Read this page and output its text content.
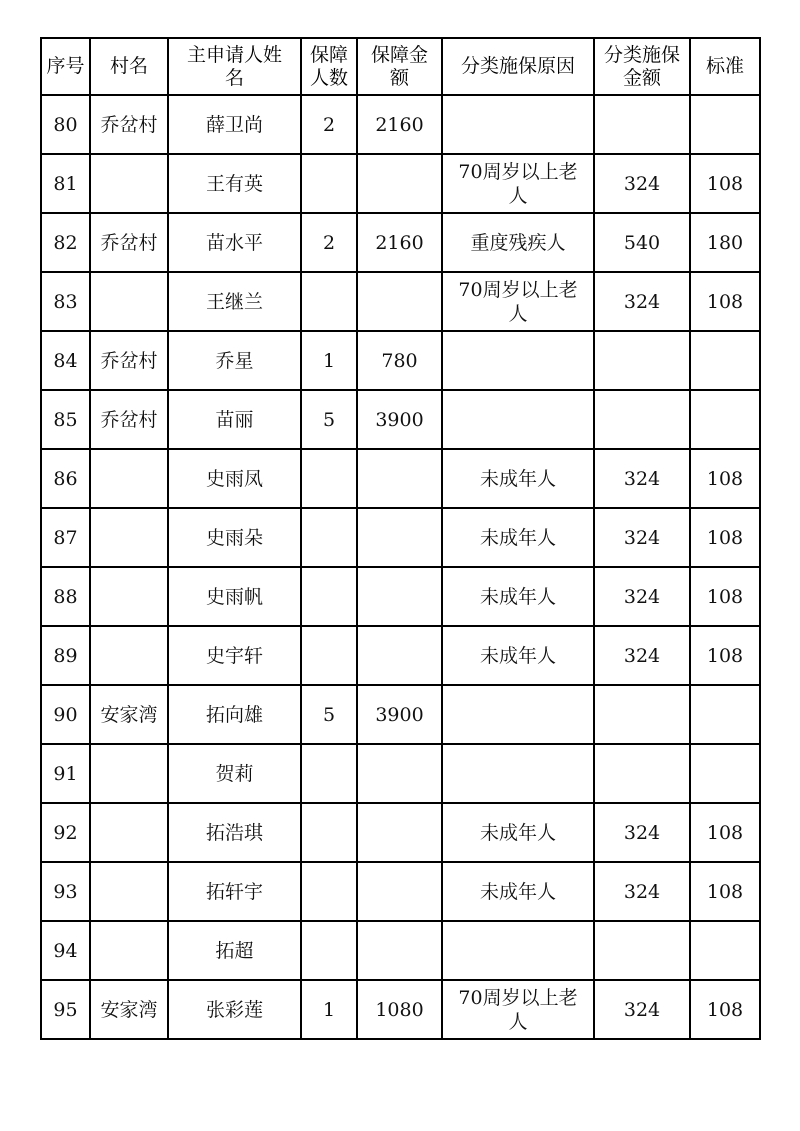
序号	村名	主申请人姓名	保障人数	保障金额	分类施保原因	分类施保金额	标准
80	乔岔村	薛卫尚	2	2160			
81		王有英			70周岁以上老人	324	108
82	乔岔村	苗水平	2	2160	重度残疾人	540	180
83		王继兰			70周岁以上老人	324	108
84	乔岔村	乔星	1	780			
85	乔岔村	苗丽	5	3900			
86		史雨凤			未成年人	324	108
87		史雨朵			未成年人	324	108
88		史雨帆			未成年人	324	108
89		史宇轩			未成年人	324	108
90	安家湾	拓向雄	5	3900			
91		贺莉					
92		拓浩琪			未成年人	324	108
93		拓轩宇			未成年人	324	108
94		拓超					
95	安家湾	张彩莲	1	1080	70周岁以上老人	324	108
